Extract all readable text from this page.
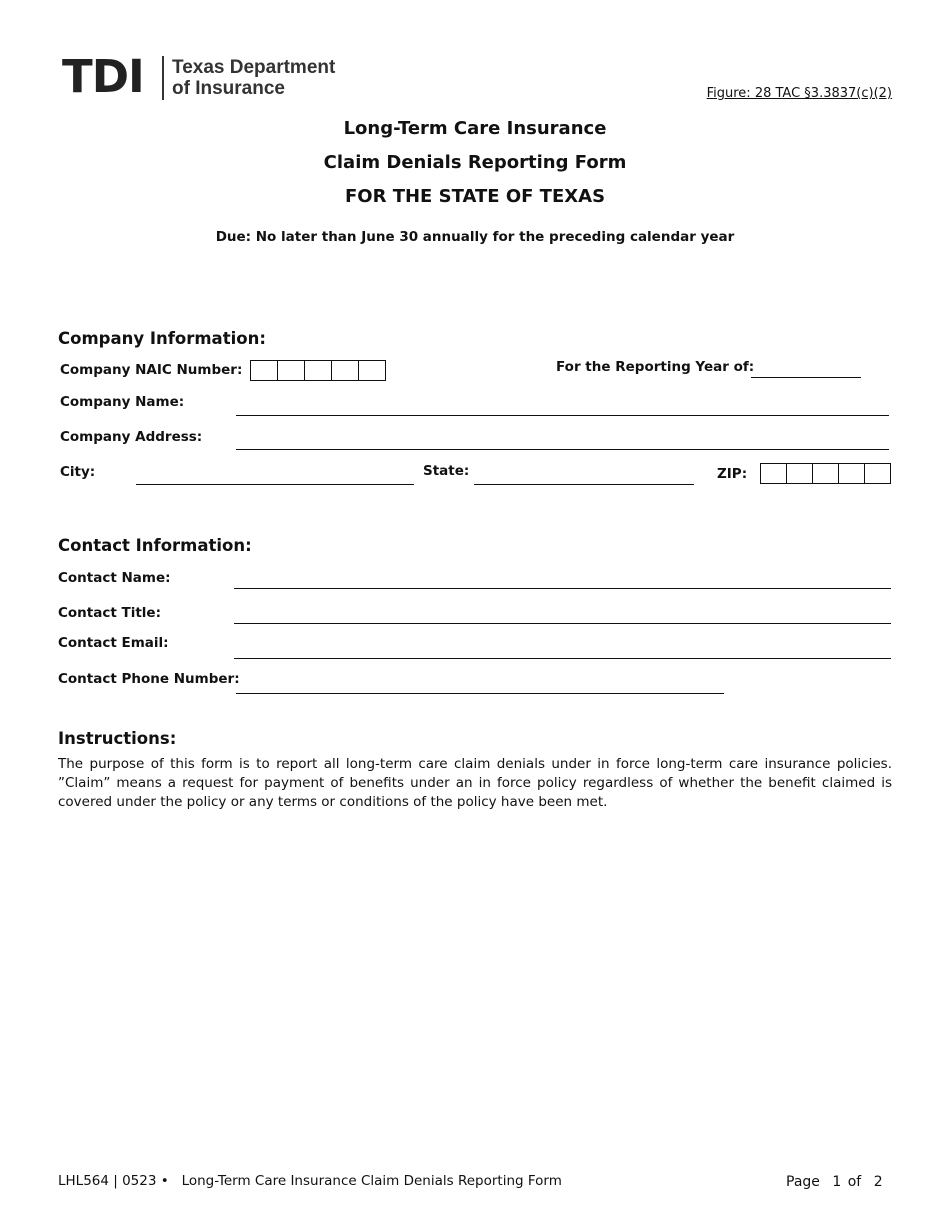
TDI Texas Department
of Insurance	Figure: 28 TAC §3.3837(c)(2)
Long-Term Care Insurance
Claim Denials Reporting Form
FOR THE STATE OF TEXAS
Due: No later than June 30 annually for the preceding calendar year
Company Information:
Company NAIC Number:	For the Reporting Year of:
Company Name:
Company Address:
City:	State:	ZIP:
Contact Information:
Contact Name:
Contact Title:
Contact Email:
Contact Phone Number:
Instructions:
The purpose of this form is to report all long-term care claim denials under in force long-term care insurance policies. ”Claim” means a request for payment of benefits under an in force policy regardless of whether the benefit claimed is covered under the policy or any terms or conditions of the policy have been met.
LHL564 | 0523 •   Long-Term Care Insurance Claim Denials Reporting Form	Page 1 of 2
